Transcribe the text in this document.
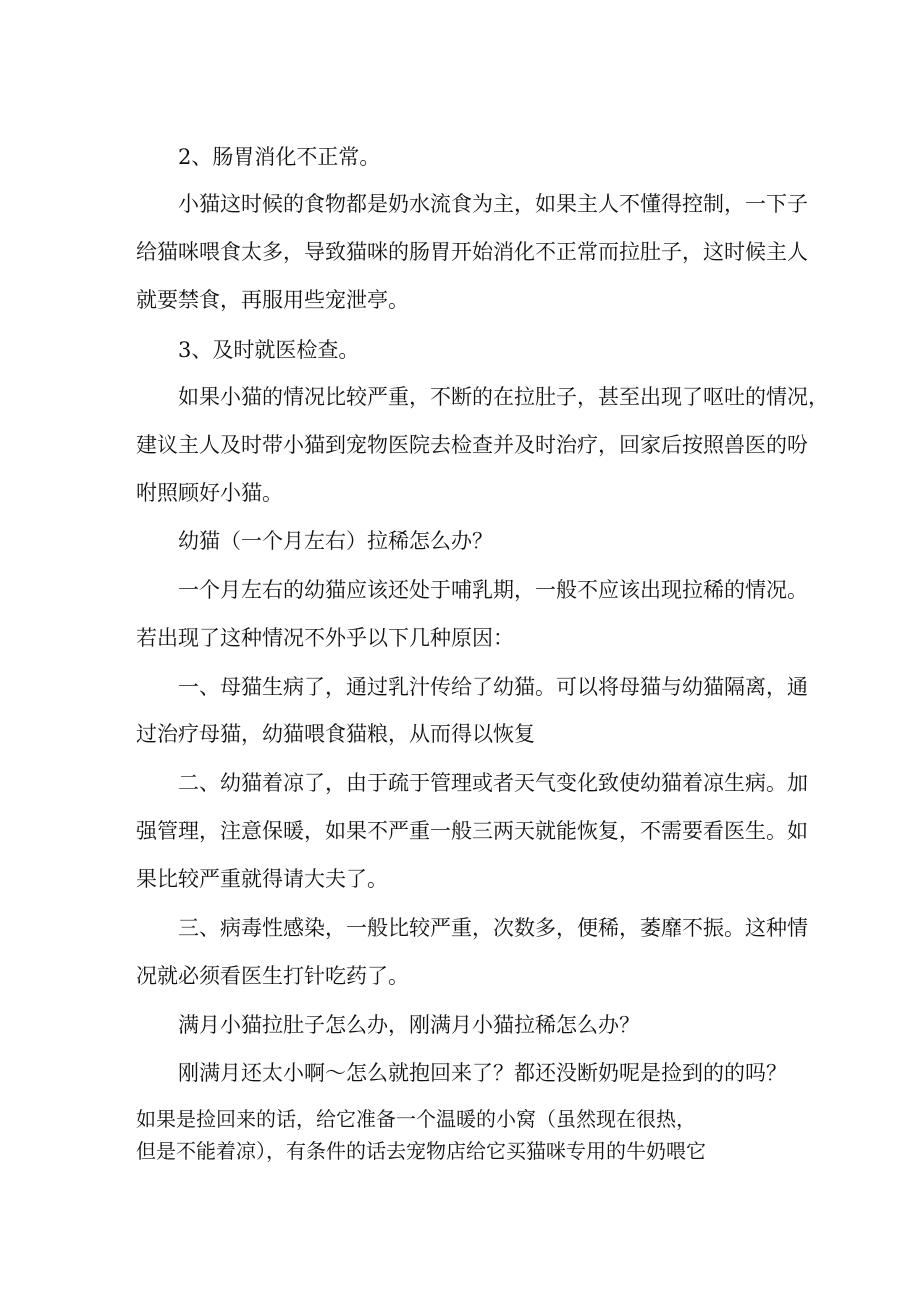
2、肠胃消化不正常。

小猫这时候的食物都是奶水流食为主，如果主人不懂得控制，一下子

给猫咪喂食太多，导致猫咪的肠胃开始消化不正常而拉肚子，这时候主人

就要禁食，再服用些宠泄亭。

3、及时就医检查。

如果小猫的情况比较严重，不断的在拉肚子，甚至出现了呕吐的情况，

建议主人及时带小猫到宠物医院去检查并及时治疗，回家后按照兽医的吩

咐照顾好小猫。

幼猫（一个月左右）拉稀怎么办？

一个月左右的幼猫应该还处于哺乳期，一般不应该出现拉稀的情况。

若出现了这种情况不外乎以下几种原因：

一、母猫生病了，通过乳汁传给了幼猫。可以将母猫与幼猫隔离，通

过治疗母猫，幼猫喂食猫粮，从而得以恢复

二、幼猫着凉了，由于疏于管理或者天气变化致使幼猫着凉生病。加

强管理，注意保暖，如果不严重一般三两天就能恢复，不需要看医生。如

果比较严重就得请大夫了。

三、病毒性感染，一般比较严重，次数多，便稀，萎靡不振。这种情

况就必须看医生打针吃药了。

满月小猫拉肚子怎么办，刚满月小猫拉稀怎么办？

刚满月还太小啊～怎么就抱回来了？都还没断奶呢是捡到的的吗？

如果是捡回来的话，给它准备一个温暖的小窝（虽然现在很热，

但是不能着凉），有条件的话去宠物店给它买猫咪专用的牛奶喂它
